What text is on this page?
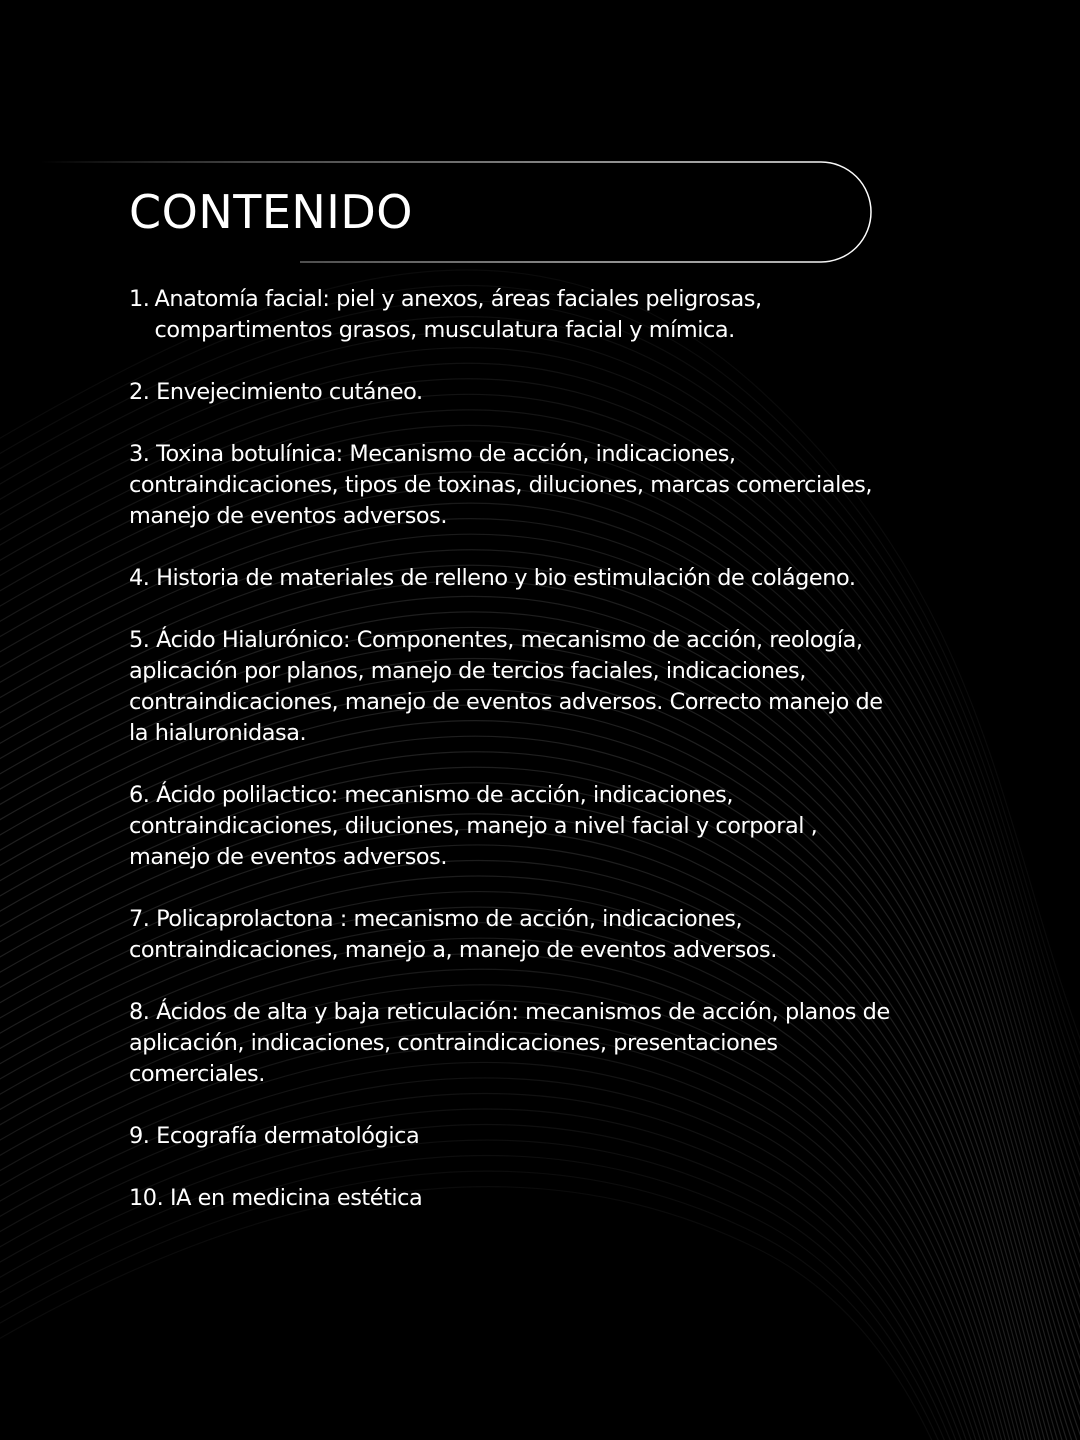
CONTENIDO
1. Anatomía facial: piel y anexos, áreas faciales peligrosas,
compartimentos grasos, musculatura facial y mímica.
2. Envejecimiento cutáneo.
3. Toxina botulínica: Mecanismo de acción, indicaciones,
contraindicaciones, tipos de toxinas, diluciones, marcas comerciales,
manejo de eventos adversos.
4. Historia de materiales de relleno y bio estimulación de colágeno.
5. Ácido Hialurónico: Componentes, mecanismo de acción, reología,
aplicación por planos, manejo de tercios faciales, indicaciones,
contraindicaciones, manejo de eventos adversos. Correcto manejo de
la hialuronidasa.
6. Ácido polilactico: mecanismo de acción, indicaciones,
contraindicaciones, diluciones, manejo a nivel facial y corporal ,
manejo de eventos adversos.
7. Policaprolactona : mecanismo de acción, indicaciones,
contraindicaciones, manejo a, manejo de eventos adversos.
8. Ácidos de alta y baja reticulación: mecanismos de acción, planos de
aplicación, indicaciones, contraindicaciones, presentaciones
comerciales.
9. Ecografía dermatológica
10. IA en medicina estética
